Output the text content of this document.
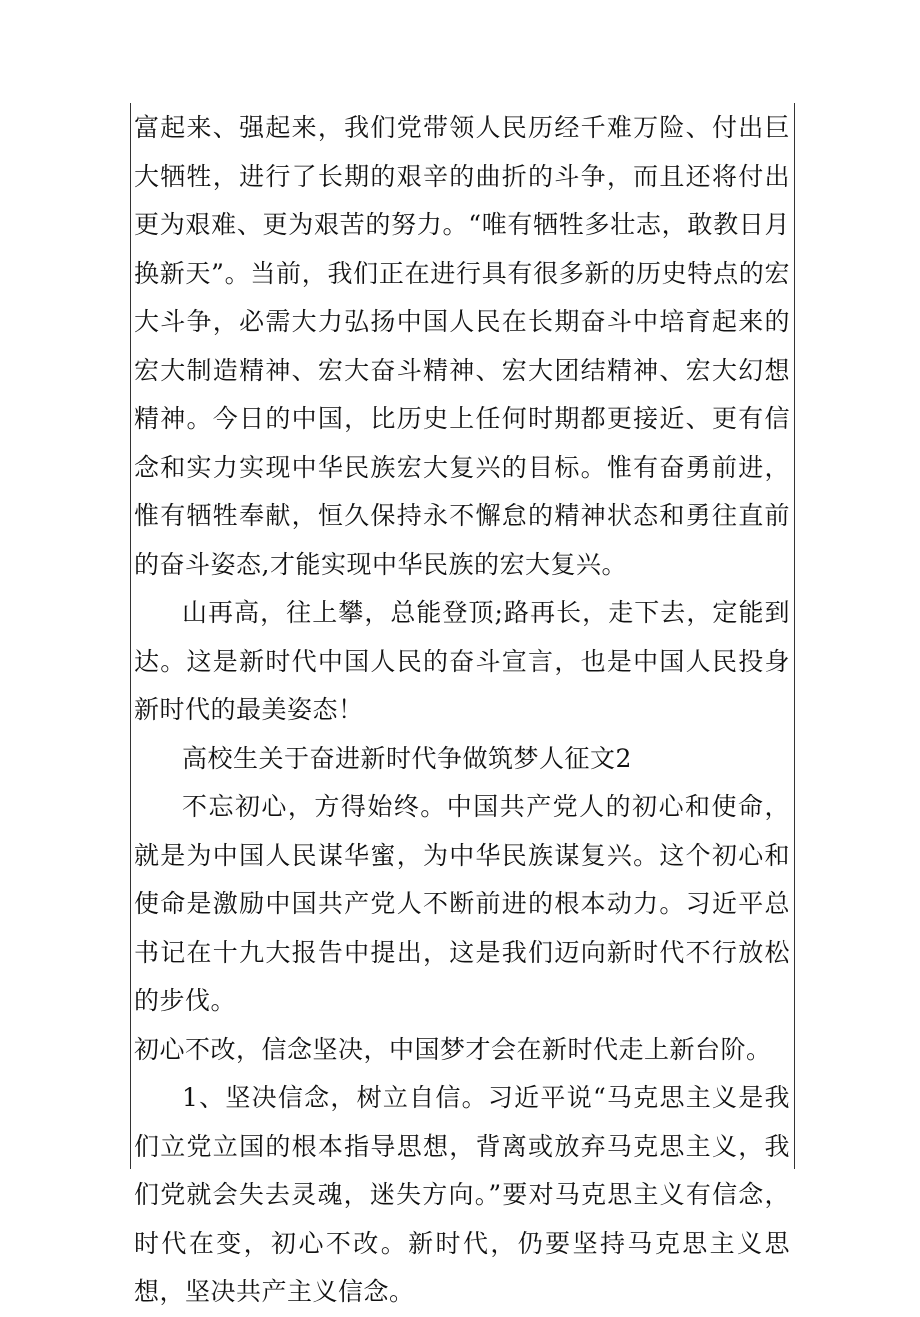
富起来、强起来，我们党带领人民历经千难万险、付出巨大牺牲，进行了长期的艰辛的曲折的斗争，而且还将付出更为艰难、更为艰苦的努力。“唯有牺牲多壮志，敢教日月换新天”。当前，我们正在进行具有很多新的历史特点的宏大斗争，必需大力弘扬中国人民在长期奋斗中培育起来的宏大制造精神、宏大奋斗精神、宏大团结精神、宏大幻想精神。今日的中国，比历史上任何时期都更接近、更有信念和实力实现中华民族宏大复兴的目标。惟有奋勇前进，惟有牺牲奉献，恒久保持永不懈怠的精神状态和勇往直前的奋斗姿态,才能实现中华民族的宏大复兴。

山再高，往上攀，总能登顶;路再长，走下去，定能到达。这是新时代中国人民的奋斗宣言，也是中国人民投身新时代的最美姿态！

高校生关于奋进新时代争做筑梦人征文2

不忘初心，方得始终。中国共产党人的初心和使命，就是为中国人民谋华蜜，为中华民族谋复兴。这个初心和使命是激励中国共产党人不断前进的根本动力。习近平总书记在十九大报告中提出，这是我们迈向新时代不行放松的步伐。

初心不改，信念坚决，中国梦才会在新时代走上新台阶。

1、坚决信念，树立自信。习近平说“马克思主义是我们立党立国的根本指导思想，背离或放弃马克思主义，我们党就会失去灵魂，迷失方向。”要对马克思主义有信念，时代在变，初心不改。新时代，仍要坚持马克思主义思想，坚决共产主义信念。
